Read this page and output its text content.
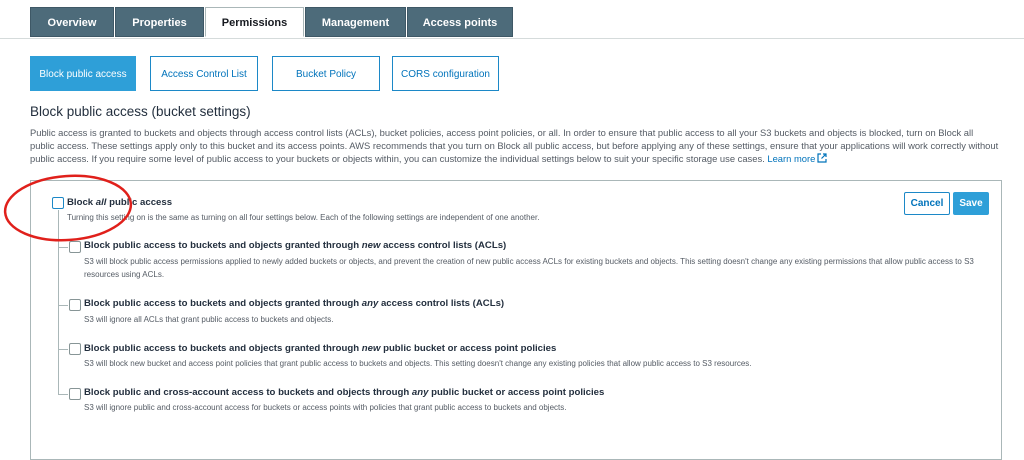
Overview	Properties	Permissions	Management	Access points
Block public access	Access Control List	Bucket Policy	CORS configuration
Block public access (bucket settings)

Public access is granted to buckets and objects through access control lists (ACLs), bucket policies, access point policies, or all. In order to ensure that public access to all your S3 buckets and objects is blocked, turn on Block all public access. These settings apply only to this bucket and its access points. AWS recommends that you turn on Block all public access, but before applying any of these settings, ensure that your applications will work correctly without public access. If you require some level of public access to your buckets or objects within, you can customize the individual settings below to suit your specific storage use cases. Learn more

Block all public access
Turning this setting on is the same as turning on all four settings below. Each of the following settings are independent of one another.
Cancel	Save
Block public access to buckets and objects granted through new access control lists (ACLs)
S3 will block public access permissions applied to newly added buckets or objects, and prevent the creation of new public access ACLs for existing buckets and objects. This setting doesn't change any existing permissions that allow public access to S3 resources using ACLs.
Block public access to buckets and objects granted through any access control lists (ACLs)
S3 will ignore all ACLs that grant public access to buckets and objects.
Block public access to buckets and objects granted through new public bucket or access point policies
S3 will block new bucket and access point policies that grant public access to buckets and objects. This setting doesn't change any existing policies that allow public access to S3 resources.
Block public and cross-account access to buckets and objects through any public bucket or access point policies
S3 will ignore public and cross-account access for buckets or access points with policies that grant public access to buckets and objects.
